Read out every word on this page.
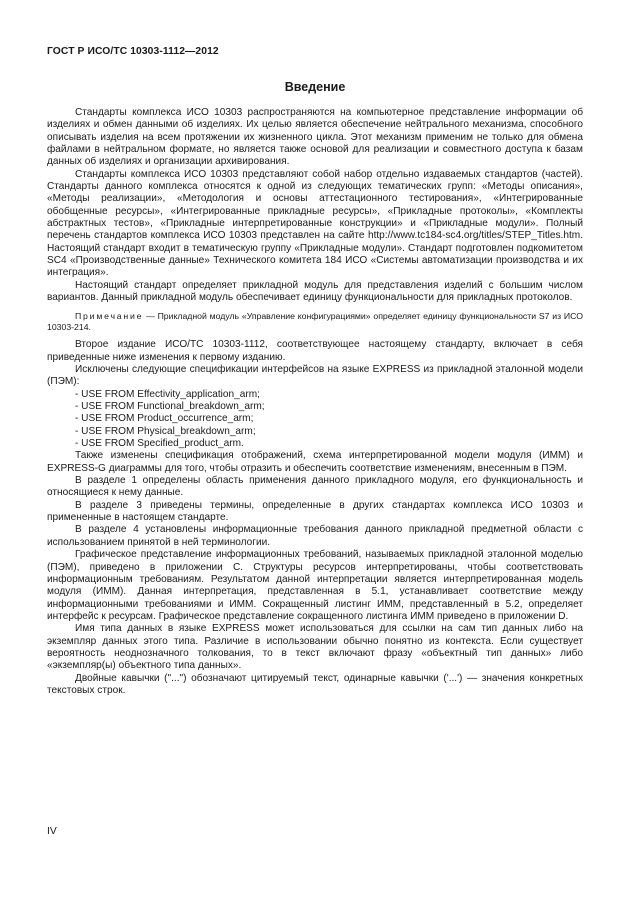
ГОСТ Р ИСО/ТС 10303-1112—2012
Введение

Стандарты комплекса ИСО 10303 распространяются на компьютерное представление информации об изделиях и обмен данными об изделиях. Их целью является обеспечение нейтрального механизма, способного описывать изделия на всем протяжении их жизненного цикла. Этот механизм применим не только для обмена файлами в нейтральном формате, но является также основой для реализации и совместного доступа к базам данных об изделиях и организации архивирования.

Стандарты комплекса ИСО 10303 представляют собой набор отдельно издаваемых стандартов (частей). Стандарты данного комплекса относятся к одной из следующих тематических групп: «Методы описания», «Методы реализации», «Методология и основы аттестационного тестирования», «Интегрированные обобщенные ресурсы», «Интегрированные прикладные ресурсы», «Прикладные протоколы», «Комплекты абстрактных тестов», «Прикладные интерпретированные конструкции» и «Прикладные модули». Полный перечень стандартов комплекса ИСО 10303 представлен на сайте http://www.tc184-sc4.org/titles/STEP_Titles.htm. Настоящий стандарт входит в тематическую группу «Прикладные модули». Стандарт подготовлен подкомитетом SC4 «Производственные данные» Технического комитета 184 ИСО «Системы автоматизации производства и их интеграция».

Настоящий стандарт определяет прикладной модуль для представления изделий с большим числом вариантов. Данный прикладной модуль обеспечивает единицу функциональности для прикладных протоколов.

Примечание — Прикладной модуль «Управление конфигурациями» определяет единицу функциональности S7 из ИСО 10303-214.

Второе издание ИСО/ТС 10303-1112, соответствующее настоящему стандарту, включает в себя приведенные ниже изменения к первому изданию.

Исключены следующие спецификации интерфейсов на языке EXPRESS из прикладной эталонной модели (ПЭМ):

- USE FROM Effectivity_application_arm;
- USE FROM Functional_breakdown_arm;
- USE FROM Product_occurrence_arm;
- USE FROM Physical_breakdown_arm;
- USE FROM Specified_product_arm.

Также изменены спецификация отображений, схема интерпретированной модели модуля (ИММ) и EXPRESS-G диаграммы для того, чтобы отразить и обеспечить соответствие изменениям, внесенным в ПЭМ.

В разделе 1 определены область применения данного прикладного модуля, его функциональность и относящиеся к нему данные.

В разделе 3 приведены термины, определенные в других стандартах комплекса ИСО 10303 и примененные в настоящем стандарте.

В разделе 4 установлены информационные требования данного прикладной предметной области с использованием принятой в ней терминологии.

Графическое представление информационных требований, называемых прикладной эталонной моделью (ПЭМ), приведено в приложении С. Структуры ресурсов интерпретированы, чтобы соответствовать информационным требованиям. Результатом данной интерпретации является интерпретированная модель модуля (ИММ). Данная интерпретация, представленная в 5.1, устанавливает соответствие между информационными требованиями и ИММ. Сокращенный листинг ИММ, представленный в 5.2, определяет интерфейс к ресурсам. Графическое представление сокращенного листинга ИММ приведено в приложении D.

Имя типа данных в языке EXPRESS может использоваться для ссылки на сам тип данных либо на экземпляр данных этого типа. Различие в использовании обычно понятно из контекста. Если существует вероятность неоднозначного толкования, то в текст включают фразу «объектный тип данных» либо «экземпляр(ы) объектного типа данных».

Двойные кавычки ("...") обозначают цитируемый текст, одинарные кавычки ('...') — значения конкретных текстовых строк.

IV
